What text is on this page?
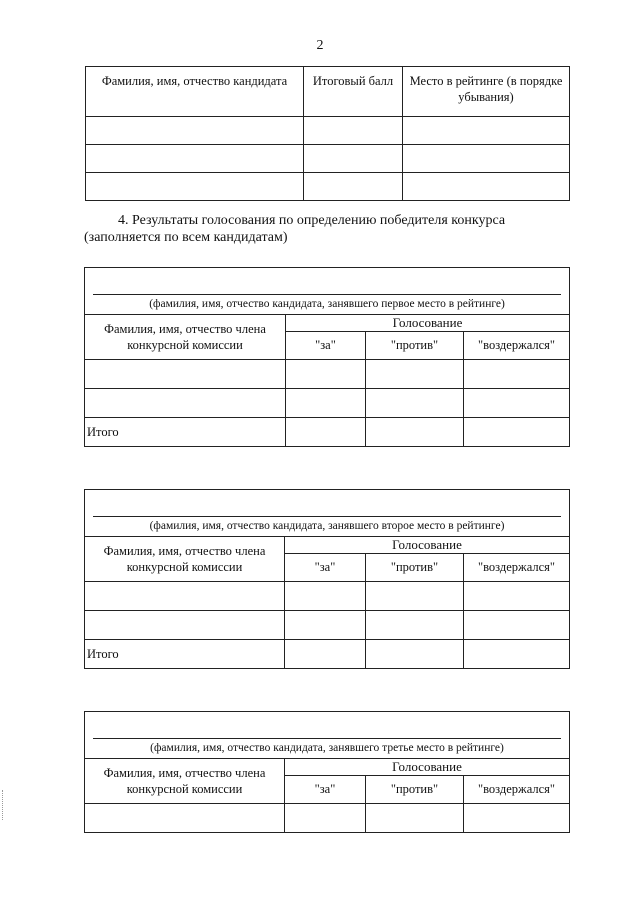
2
Фамилия, имя, отчество кандидата	Итоговый балл	Место в рейтинге (в порядке убывания)

4. Результаты голосования по определению победителя конкурса (заполняется по всем кандидатам)
(фамилия, имя, отчество кандидата, занявшего первое место в рейтинге)			
Фамилия, имя, отчество члена конкурсной комиссии	Голосование		
	"за"	"против"	"воздержался"

Итого			
(фамилия, имя, отчество кандидата, занявшего второе место в рейтинге)			
Фамилия, имя, отчество члена конкурсной комиссии	Голосование		
	"за"	"против"	"воздержался"

Итого			
(фамилия, имя, отчество кандидата, занявшего третье место в рейтинге)			
Фамилия, имя, отчество члена конкурсной комиссии	Голосование		
	"за"	"против"	"воздержался"
